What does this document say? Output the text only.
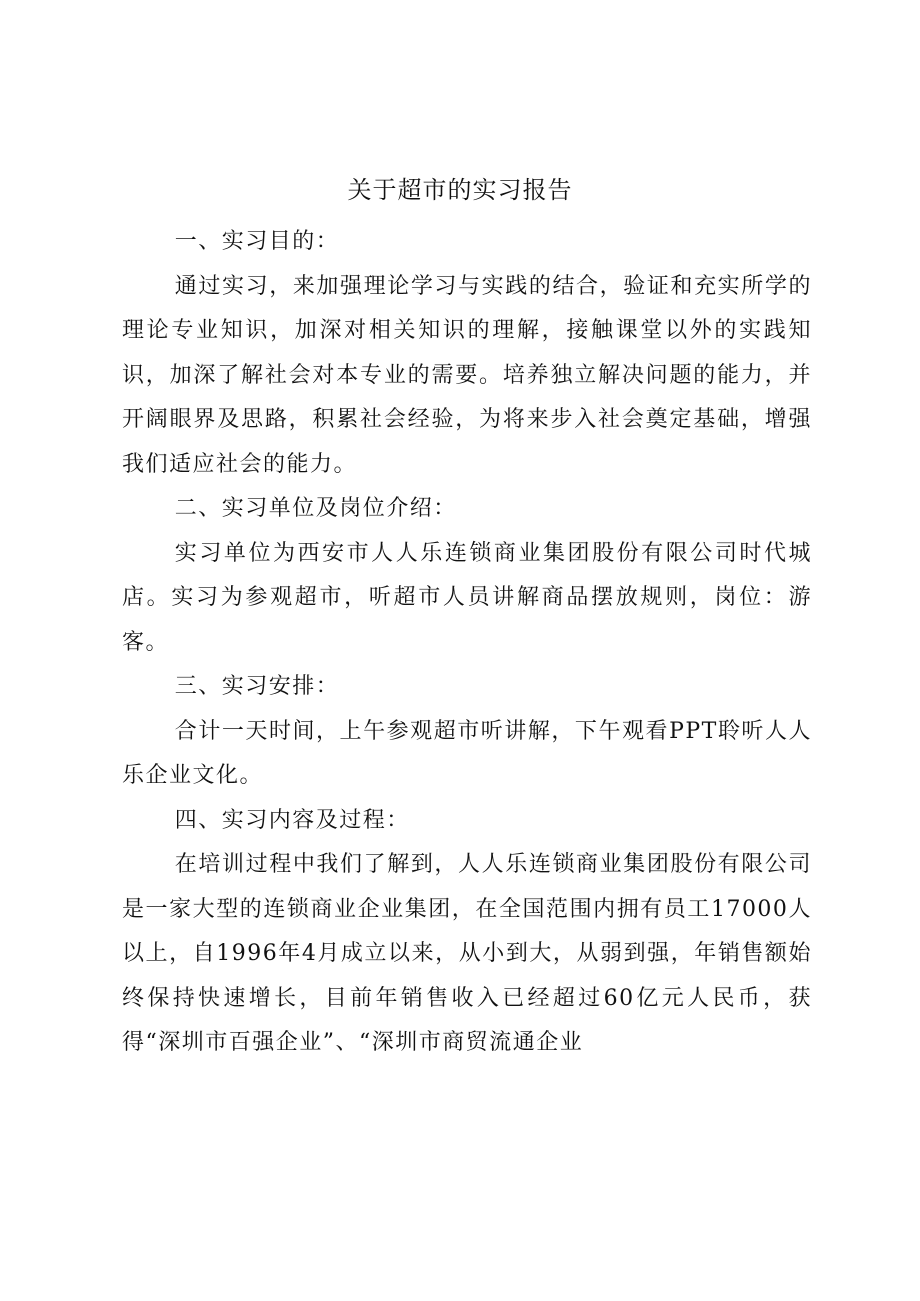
关于超市的实习报告

一、实习目的：

通过实习，来加强理论学习与实践的结合，验证和充实所学的理论专业知识，加深对相关知识的理解，接触课堂以外的实践知识，加深了解社会对本专业的需要。培养独立解决问题的能力，并开阔眼界及思路，积累社会经验，为将来步入社会奠定基础，增强我们适应社会的能力。

二、实习单位及岗位介绍：

实习单位为西安市人人乐连锁商业集团股份有限公司时代城店。实习为参观超市，听超市人员讲解商品摆放规则，岗位：游客。

三、实习安排：

合计一天时间，上午参观超市听讲解，下午观看PPT聆听人人乐企业文化。

四、实习内容及过程：

在培训过程中我们了解到，人人乐连锁商业集团股份有限公司是一家大型的连锁商业企业集团，在全国范围内拥有员工17000人以上，自1996年4月成立以来，从小到大，从弱到强，年销售额始终保持快速增长，目前年销售收入已经超过60亿元人民币，获得“深圳市百强企业”、“深圳市商贸流通企业
